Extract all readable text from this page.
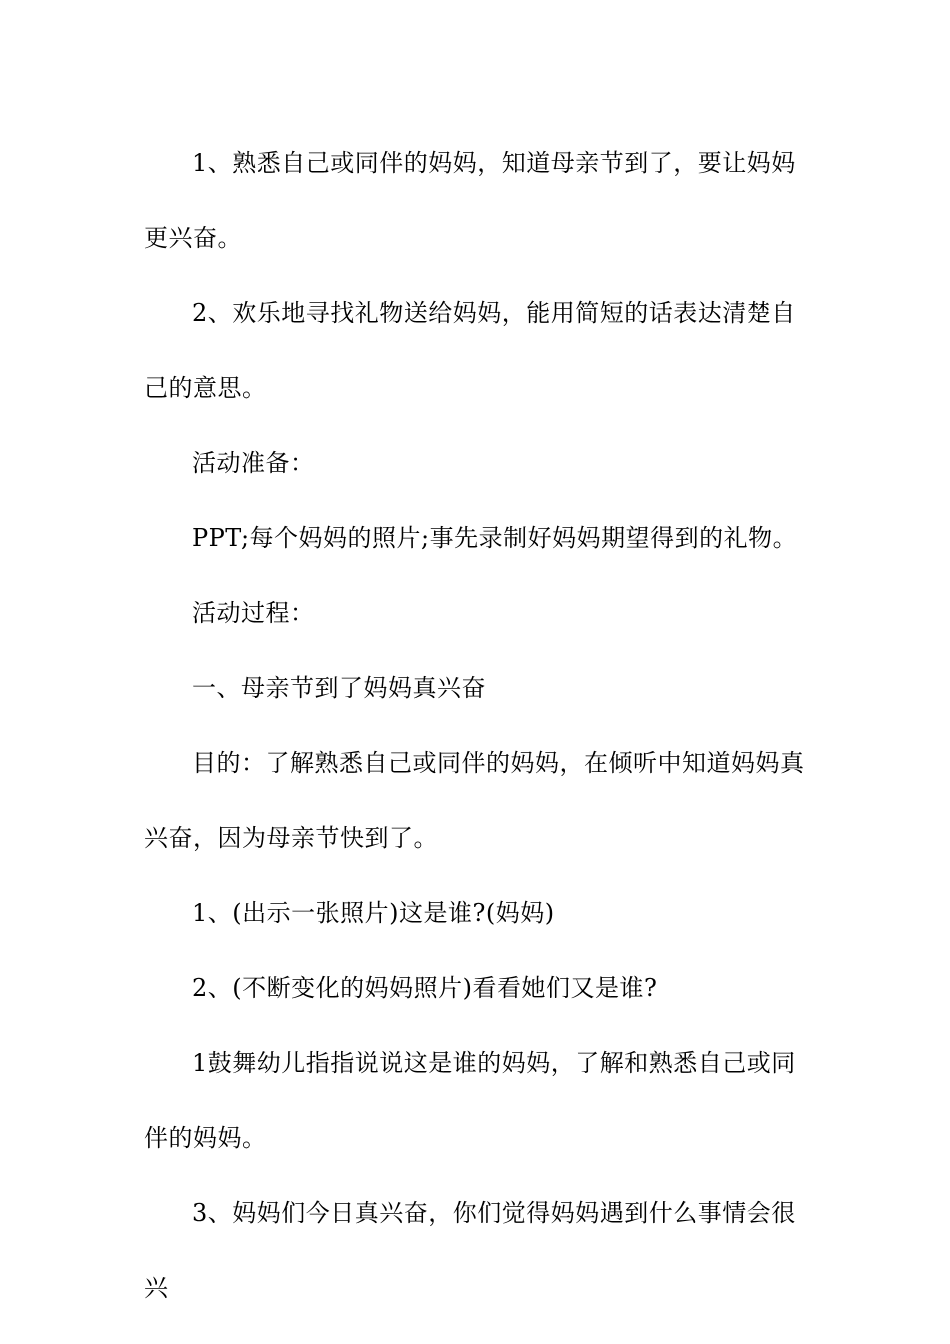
1、熟悉自己或同伴的妈妈，知道母亲节到了，要让妈妈更兴奋。

2、欢乐地寻找礼物送给妈妈，能用简短的话表达清楚自己的意思。

活动准备：

PPT;每个妈妈的照片;事先录制好妈妈期望得到的礼物。

活动过程：

一、母亲节到了妈妈真兴奋

目的：了解熟悉自己或同伴的妈妈，在倾听中知道妈妈真兴奋，因为母亲节快到了。

1、(出示一张照片)这是谁?(妈妈)

2、(不断变化的妈妈照片)看看她们又是谁?

1鼓舞幼儿指指说说这是谁的妈妈，了解和熟悉自己或同伴的妈妈。

3、妈妈们今日真兴奋，你们觉得妈妈遇到什么事情会很兴
